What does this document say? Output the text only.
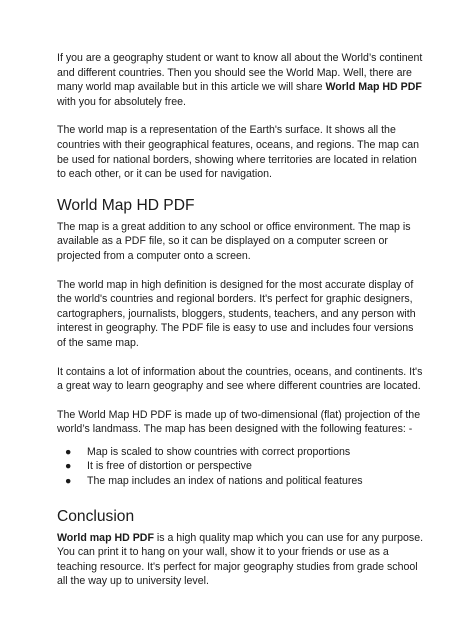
If you are a geography student or want to know all about the World’s continent and different countries. Then you should see the World Map. Well, there are many world map available but in this article we will share World Map HD PDF with you for absolutely free.

The world map is a representation of the Earth's surface. It shows all the countries with their geographical features, oceans, and regions. The map can be used for national borders, showing where territories are located in relation to each other, or it can be used for navigation.

World Map HD PDF

The map is a great addition to any school or office environment. The map is available as a PDF file, so it can be displayed on a computer screen or projected from a computer onto a screen.

The world map in high definition is designed for the most accurate display of the world's countries and regional borders. It's perfect for graphic designers, cartographers, journalists, bloggers, students, teachers, and any person with interest in geography. The PDF file is easy to use and includes four versions of the same map.

It contains a lot of information about the countries, oceans, and continents. It's a great way to learn geography and see where different countries are located.

The World Map HD PDF is made up of two-dimensional (flat) projection of the world’s landmass. The map has been designed with the following features: -

● Map is scaled to show countries with correct proportions
● It is free of distortion or perspective
● The map includes an index of nations and political features
Conclusion

World map HD PDF is a high quality map which you can use for any purpose. You can print it to hang on your wall, show it to your friends or use as a teaching resource. It's perfect for major geography studies from grade school all the way up to university level.
